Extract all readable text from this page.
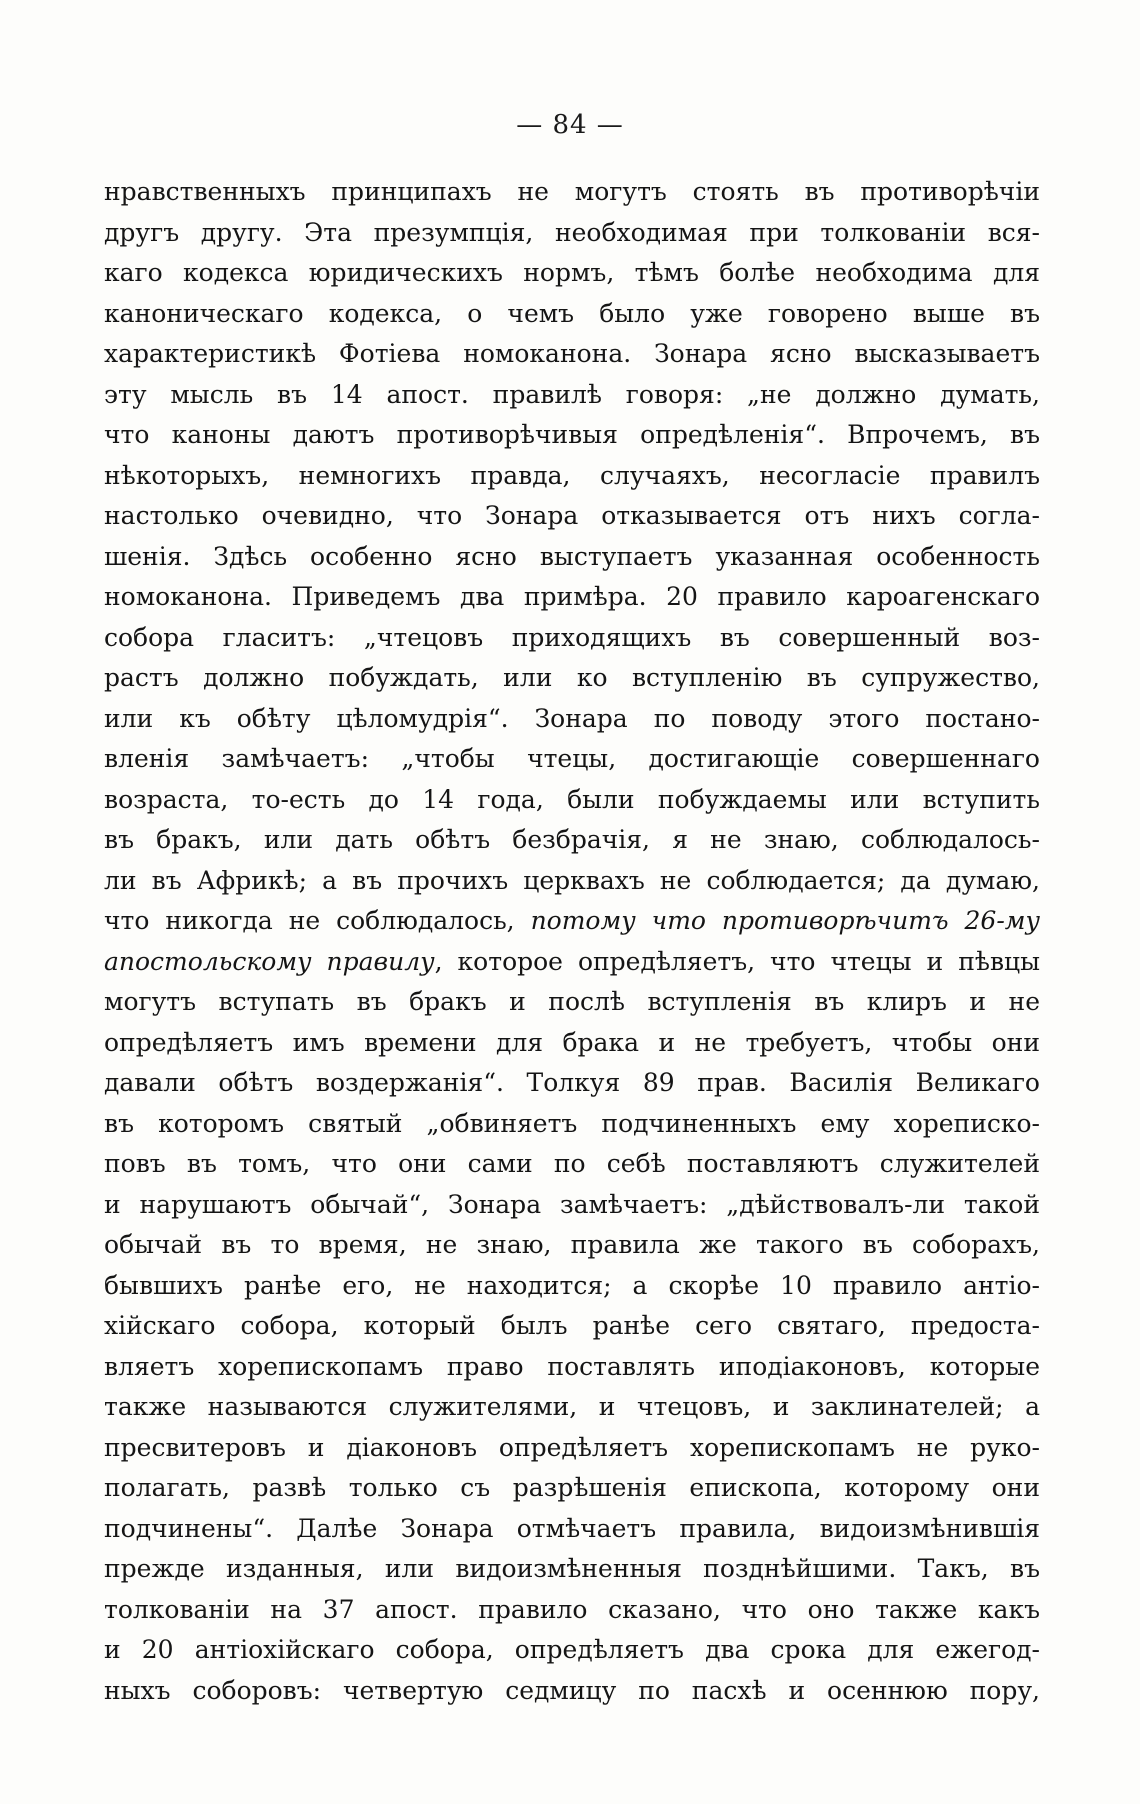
— 84 —
нравственныхъ принципахъ не могутъ стоять въ противорѣчіи
другъ другу. Эта презумпція, необходимая при толкованіи вся-
каго кодекса юридическихъ нормъ, тѣмъ болѣе необходима для
каноническаго кодекса, о чемъ было уже говорено выше въ
характеристикѣ Фотіева номоканона. Зонара ясно высказываетъ
эту мысль въ 14 апост. правилѣ говоря: „не должно думать,
что каноны даютъ противорѣчивыя опредѣленія“. Впрочемъ, въ
нѣкоторыхъ, немногихъ правда, случаяхъ, несогласіе правилъ
настолько очевидно, что Зонара отказывается отъ нихъ согла-
шенія. Здѣсь особенно ясно выступаетъ указанная особенность
номоканона. Приведемъ два примѣра. 20 правило кароагенскаго
собора гласитъ: „чтецовъ приходящихъ въ совершенный воз-
растъ должно побуждать, или ко вступленію въ супружество,
или къ обѣту цѣломудрія“. Зонара по поводу этого постано-
вленія замѣчаетъ: „чтобы чтецы, достигающіе совершеннаго
возраста, то-есть до 14 года, были побуждаемы или вступить
въ бракъ, или дать обѣтъ безбрачія, я не знаю, соблюдалось-
ли въ Африкѣ; а въ прочихъ церквахъ не соблюдается; да думаю,
что никогда не соблюдалось, потому что противорѣчитъ 26-му
апостольскому правилу, которое опредѣляетъ, что чтецы и пѣвцы
могутъ вступать въ бракъ и послѣ вступленія въ клиръ и не
опредѣляетъ имъ времени для брака и не требуетъ, чтобы они
давали обѣтъ воздержанія“. Толкуя 89 прав. Василія Великаго
въ которомъ святый „обвиняетъ подчиненныхъ ему хореписко-
повъ въ томъ, что они сами по себѣ поставляютъ служителей
и нарушаютъ обычай“, Зонара замѣчаетъ: „дѣйствовалъ-ли такой
обычай въ то время, не знаю, правила же такого въ соборахъ,
бывшихъ ранѣе его, не находится; а скорѣе 10 правило антіо-
хійскаго собора, который былъ ранѣе сего святаго, предоста-
вляетъ хорепископамъ право поставлять иподіаконовъ, которые
также называются служителями, и чтецовъ, и заклинателей; а
пресвитеровъ и діаконовъ опредѣляетъ хорепископамъ не руко-
полагать, развѣ только съ разрѣшенія епископа, которому они
подчинены“. Далѣе Зонара отмѣчаетъ правила, видоизмѣнившія
прежде изданныя, или видоизмѣненныя позднѣйшими. Такъ, въ
толкованіи на 37 апост. правило сказано, что оно также какъ
и 20 антіохійскаго собора, опредѣляетъ два срока для ежегод-
ныхъ соборовъ: четвертую седмицу по пасхѣ и осеннюю пору,
